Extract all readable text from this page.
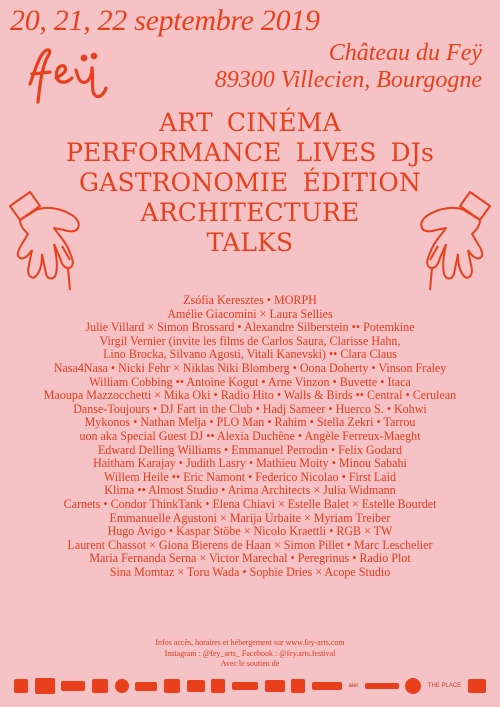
20, 21, 22 septembre 2019
Château du Feÿ
89300 Villecien, Bourgogne
ART CINÉMA
PERFORMANCE LIVES DJs
GASTRONOMIE ÉDITION
ARCHITECTURE
TALKS
Zsófia Keresztes • MORPH
Amélie Giacomini × Laura Sellies
Julie Villard × Simon Brossard • Alexandre Silberstein •• Potemkine
Virgil Vernier (invite les films de Carlos Saura, Clarisse Hahn,
Lino Brocka, Silvano Agosti, Vitali Kanevski) •• Clara Claus
Nasa4Nasa • Nicki Fehr × Niklas Niki Blomberg • Oona Doherty • Vinson Fraley
William Cobbing •• Antoine Kogut • Arne Vinzon • Buvette • Itaca
Maoupa Mazzocchetti × Mika Oki • Radio Hito • Walls & Birds •• Central • Cerulean
Danse-Toujours • DJ Fart in the Club • Hadj Sameer • Huerco S. • Kohwi
Mykonos • Nathan Melja • PLO Man • Rahim • Stella Zekri • Tarrou
uon aka Special Guest DJ •• Alexia Duchêne • Angèle Ferreux-Maeght
Edward Delling Williams • Emmanuel Perrodin • Felix Godard
Haitham Karajay • Judith Lasry • Mathieu Moity • Minou Sabahi
Willem Heile •• Eric Namont • Federico Nicolao • First Laid
Klima •• Almost Studio • Arima Architects × Julia Widmann
Carnets • Condor ThinkTank • Elena Chiavi × Estelle Balet × Estelle Bourdet
Emmanuelle Agustoni × Marija Urbaite × Myriam Treiber
Hugo Avigo • Kaspar Stöbe × Nicolo Kraettli • RGB × TW
Laurent Chassot × Giona Bierens de Haan × Simon Pillet • Marc Leschelier
Maria Fernanda Serna × Victor Marechal • Peregrinus • Radio Plot
Sina Momtaz × Toru Wada • Sophie Dries × Acope Studio
Infos accès, horaires et hébergement sur www.fey-arts.com
Instagram : @fey_arts_ Facebook : @fey.arts.festival
Avec le soutien de
aiel	THE PLACE
